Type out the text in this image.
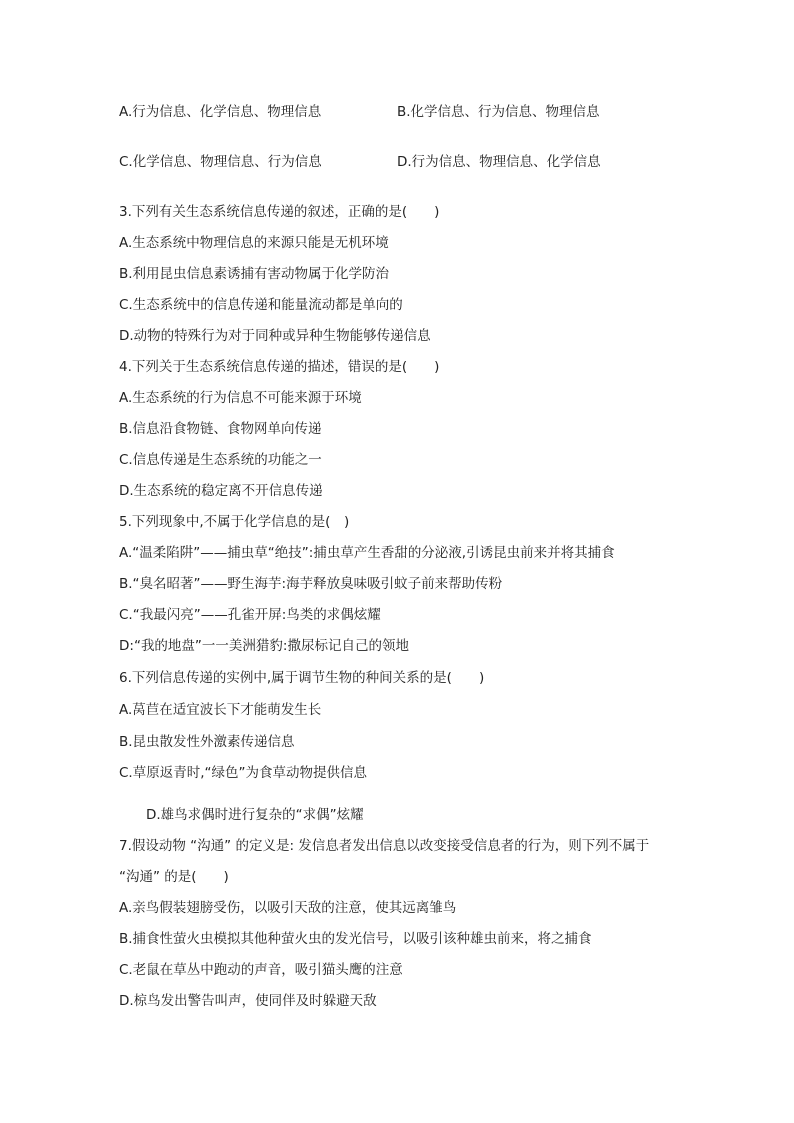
A.行为信息、化学信息、物理信息	B.化学信息、行为信息、物理信息
C.化学信息、物理信息、行为信息	D.行为信息、物理信息、化学信息
3.下列有关生态系统信息传递的叙述，正确的是(　　)
A.生态系统中物理信息的来源只能是无机环境
B.利用昆虫信息素诱捕有害动物属于化学防治
C.生态系统中的信息传递和能量流动都是单向的
D.动物的特殊行为对于同种或异种生物能够传递信息
4.下列关于生态系统信息传递的描述，错误的是(　　)
A.生态系统的行为信息不可能来源于环境
B.信息沿食物链、食物网单向传递
C.信息传递是生态系统的功能之一
D.生态系统的稳定离不开信息传递
5.下列现象中,不属于化学信息的是(　)
A.“温柔陷阱”——捕虫草“绝技”:捕虫草产生香甜的分泌液,引诱昆虫前来并将其捕食
B.“臭名昭著”——野生海芋:海芋释放臭味吸引蚊子前来帮助传粉
C.“我最闪亮”——孔雀开屏:鸟类的求偶炫耀
D:“我的地盘”一一美洲猎豹:撒尿标记自己的领地
6.下列信息传递的实例中,属于调节生物的种间关系的是(　　)
A.莴苣在适宜波长下才能萌发生长
B.昆虫散发性外激素传递信息
C.草原返青时,“绿色”为食草动物提供信息
D.雄鸟求偶时进行复杂的“求偶”炫耀
7.假设动物 “沟通” 的定义是: 发信息者发出信息以改变接受信息者的行为，则下列不属于
“沟通” 的是(　　)
A.亲鸟假装翅膀受伤，以吸引天敌的注意，使其远离雏鸟
B.捕食性萤火虫模拟其他种萤火虫的发光信号，以吸引该种雄虫前来，将之捕食
C.老鼠在草丛中跑动的声音，吸引猫头鹰的注意
D.椋鸟发出警告叫声，使同伴及时躲避天敌
